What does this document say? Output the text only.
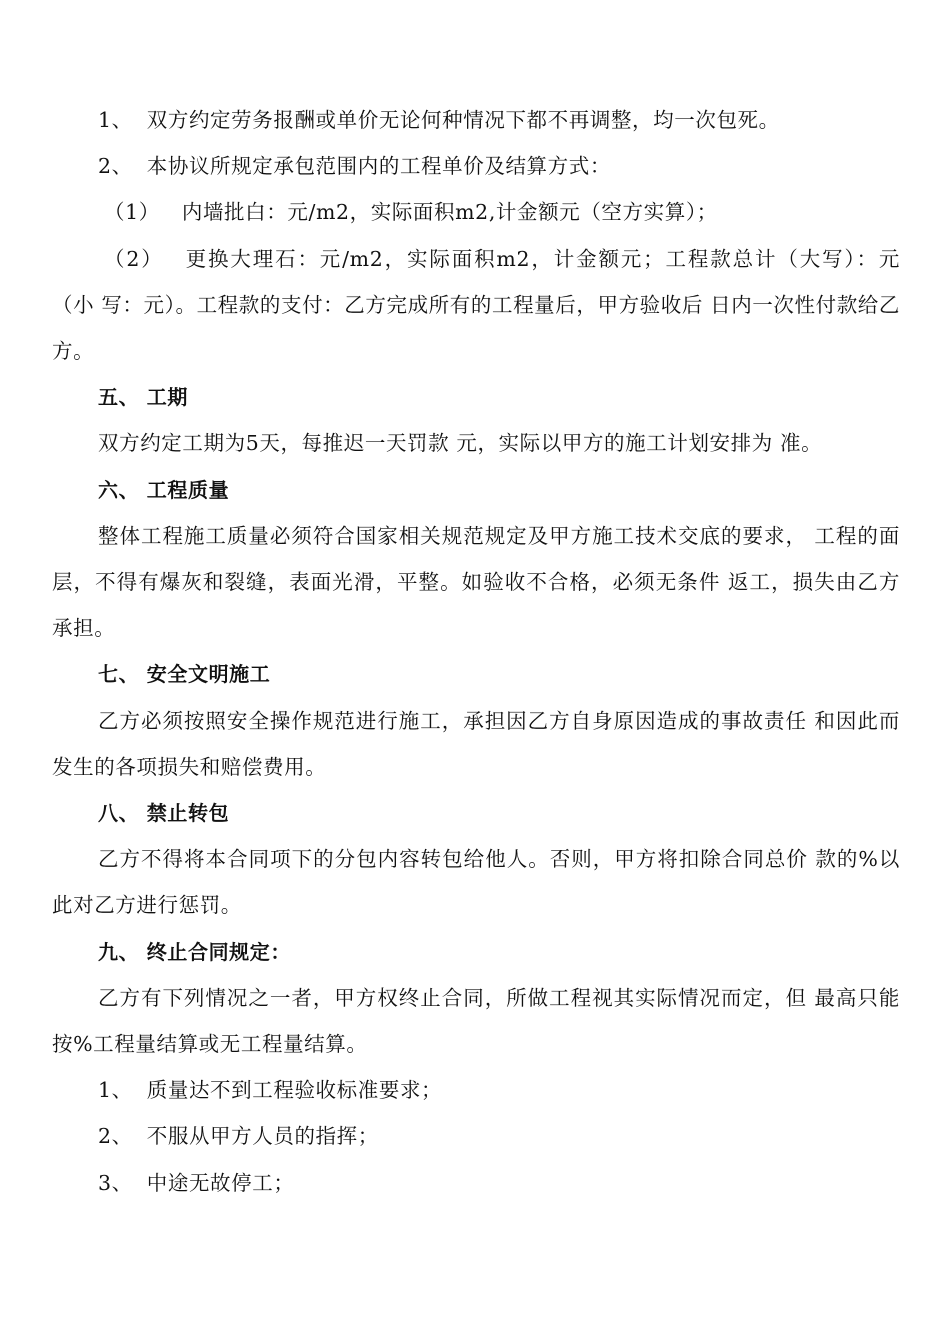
1、 双方约定劳务报酬或单价无论何种情况下都不再调整，均一次包死。

2、 本协议所规定承包范围内的工程单价及结算方式：

（1） 内墙批白：元/m2，实际面积m2,计金额元（空方实算）；

（2） 更换大理石：元/m2，实际面积m2，计金额元；工程款总计（大写）：元（小 写：元）。工程款的支付：乙方完成所有的工程量后，甲方验收后 日内一次性付款给乙方。

五、 工期

双方约定工期为5天，每推迟一天罚款 元，实际以甲方的施工计划安排为 准。

六、 工程质量

整体工程施工质量必须符合国家相关规范规定及甲方施工技术交底的要求， 工程的面层，不得有爆灰和裂缝，表面光滑，平整。如验收不合格，必须无条件 返工，损失由乙方承担。

七、 安全文明施工

乙方必须按照安全操作规范进行施工，承担因乙方自身原因造成的事故责任 和因此而发生的各项损失和赔偿费用。

八、 禁止转包

乙方不得将本合同项下的分包内容转包给他人。否则，甲方将扣除合同总价 款的%以此对乙方进行惩罚。

九、 终止合同规定：

乙方有下列情况之一者，甲方权终止合同，所做工程视其实际情况而定，但 最高只能按%工程量结算或无工程量结算。

1、 质量达不到工程验收标准要求；

2、 不服从甲方人员的指挥；

3、 中途无故停工；
